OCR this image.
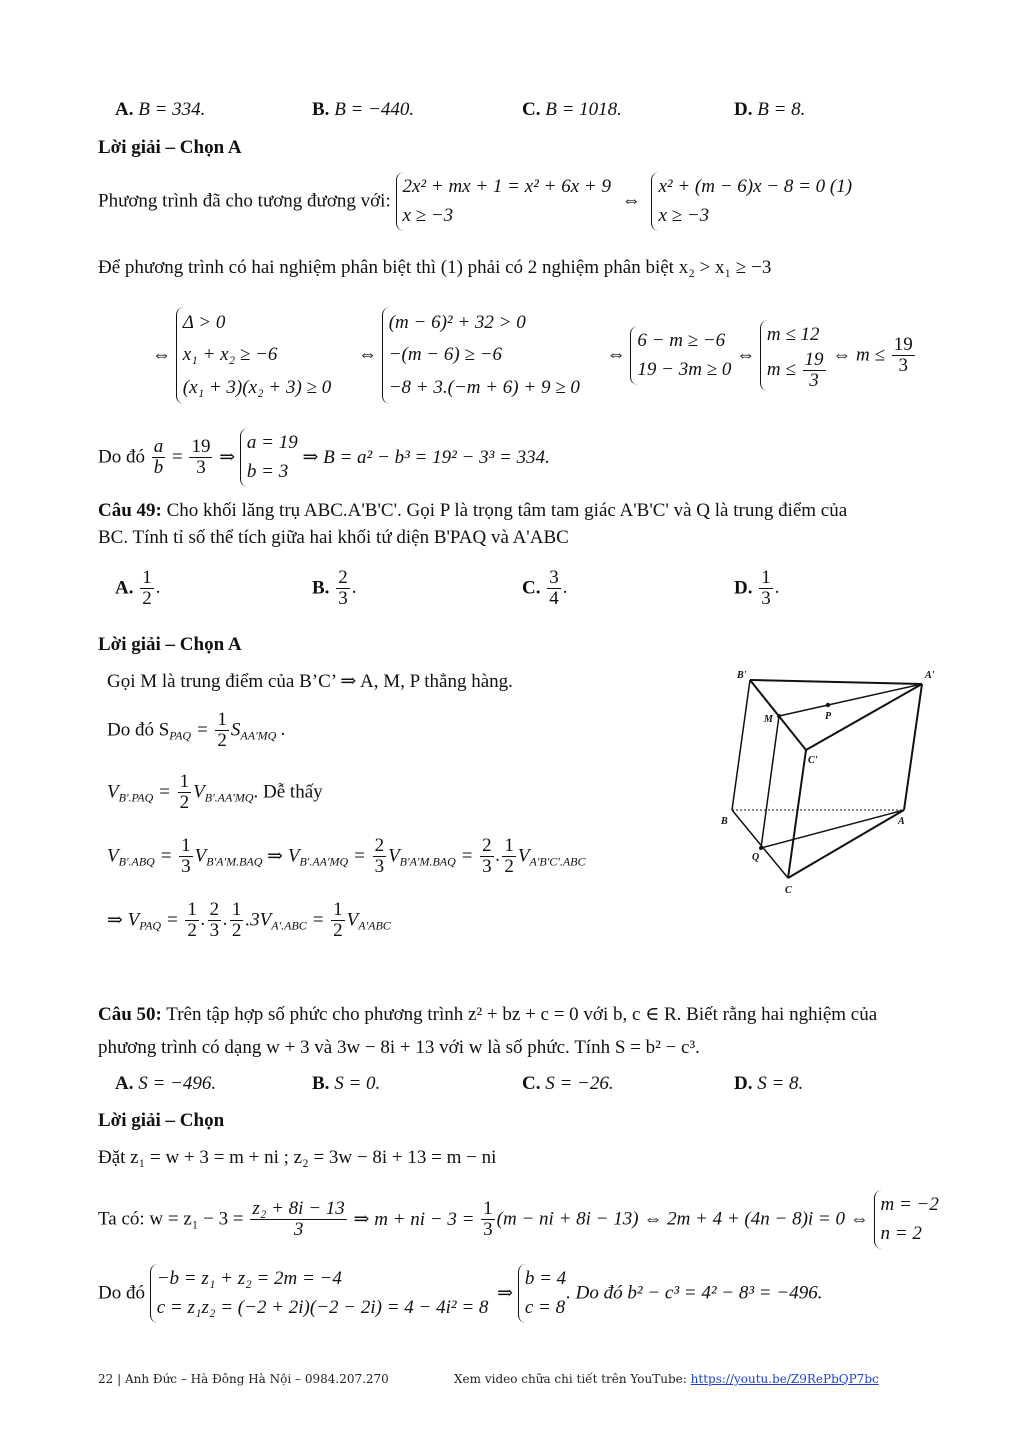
A. B = 334.	B. B = −440.	C. B = 1018.	D. B = 8.
Lời giải – Chọn A
Phương trình đã cho tương đương với:
2x² + mx + 1 = x² + 6x + 9
x ≥ −3
⇔
x² + (m − 6)x − 8 = 0 (1)
x ≥ −3
Để phương trình có hai nghiệm phân biệt thì (1) phải có 2 nghiệm phân biệt x₂ > x₁ ≥ −3
⇔
Δ > 0
x₁ + x₂ ≥ −6
(x₁ + 3)(x₂ + 3) ≥ 0
⇔
(m − 6)² + 32 > 0
−(m − 6) ≥ −6
−8 + 3.(−m + 6) + 9 ≥ 0
⇔
6 − m ≥ −6
19 − 3m ≥ 0
⇔
m ≤ 12
$m \le \frac{19}{3}$ ⇔ $m \le \frac{19}{3}$
Do đó $\frac{a}{b} = \frac{19}{3}$ ⇒
a = 19
b = 3
⇒ B = a² − b³ = 19² − 3³ = 334.
Câu 49: Cho khối lăng trụ ABC.A'B'C'. Gọi P là trọng tâm tam giác A'B'C' và Q là trung điểm của
BC. Tính tỉ số thể tích giữa hai khối tứ diện B'PAQ và A'ABC
A. $\frac{1}{2}$ .	B. $\frac{2}{3}$ .	C. $\frac{3}{4}$ .	D. $\frac{1}{3}$ .
Lời giải – Chọn A
Gọi M là trung điểm của B’C’ ⇒ A, M, P thẳng hàng.
Do đó $S_{PAQ} = \frac{1}{2} S_{AA'MQ}$ .
$V_{B'.PAQ} = \frac{1}{2} V_{B'.AA'MQ}$. Dễ thấy
$V_{B'.ABQ} = \frac{1}{3} V_{B'A'M.BAQ}$ ⇒ $V_{B'.AA'MQ} = \frac{2}{3} V_{B'A'M.BAQ} = \frac{2}{3}$ . $\frac{1}{2} V_{A'B'C'.ABC}$
⇒ $V_{PAQ} = \frac{1}{2}$ . $\frac{2}{3}$ . $\frac{1}{2} .3V_{A'.ABC} = \frac{1}{2} V_{A'ABC}$
B'	A'
M	P
C'
B	A
Q
C
Câu 50: Trên tập hợp số phức cho phương trình z² + bz + c = 0 với b, c ∈ R. Biết rằng hai nghiệm của
phương trình có dạng w + 3 và 3w − 8i + 13 với w là số phức. Tính S = b² − c³.
A. S = −496.	B. S = 0.	C. S = −26.	D. S = 8.
Lời giải – Chọn
Đặt z₁ = w + 3 = m + ni ; z₂ = 3w − 8i + 13 = m − ni
Ta có: $w = z_1 - 3 = \frac{\text{z₂ + 8i − 13}}{3}$ ⇒ m + ni − $3 = \frac{1}{3} (m$ − ni + 8i − 13) ⇔ 2m + 4 + (4n − 8)i = 0 ⇔
m = −2
n = 2
Do đó
−b = z₁ + z₂ = 2m = −4
c = z₁z₂ = (−2 + 2i)(−2 − 2i) = 4 − 4i² = 8
⇒
b = 4
c = 8
. Do đó b² − c³ = 4² − 8³ = −496.
22 | Anh Đức – Hà Đông Hà Nội – 0984.207.270	Xem video chữa chi tiết trên YouTube: https://youtu.be/Z9RePbQP7bc
